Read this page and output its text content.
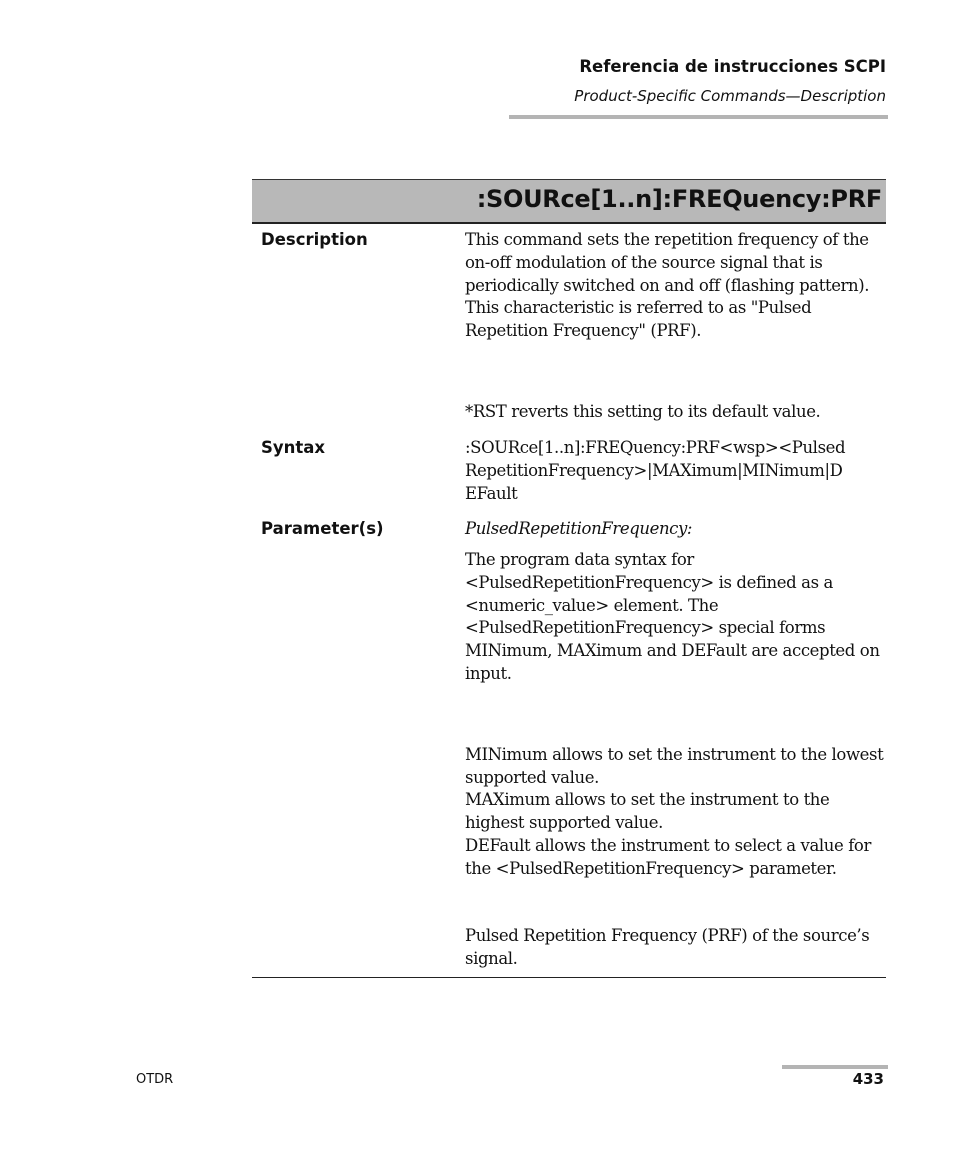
Referencia de instrucciones SCPI
Product-Specific Commands—Description
:SOURce[1..n]:FREQuency:PRF
Description	This command sets the repetition frequency of the on-off modulation of the source signal that is periodically switched on and off (flashing pattern). This characteristic is referred to as "Pulsed Repetition Frequency" (PRF).
*RST reverts this setting to its default value.
Syntax	:SOURce[1..n]:FREQuency:PRF<wsp><Pulsed
RepetitionFrequency>|MAXimum|MINimum|D
EFault
Parameter(s)	PulsedRepetitionFrequency:
The program data syntax for <PulsedRepetitionFrequency> is defined as a <numeric_value> element. The <PulsedRepetitionFrequency> special forms MINimum, MAXimum and DEFault are accepted on input.
MINimum allows to set the instrument to the lowest supported value.
MAXimum allows to set the instrument to the highest supported value.
DEFault allows the instrument to select a value for the <PulsedRepetitionFrequency> parameter.
Pulsed Repetition Frequency (PRF) of the source’s signal.
OTDR	433
